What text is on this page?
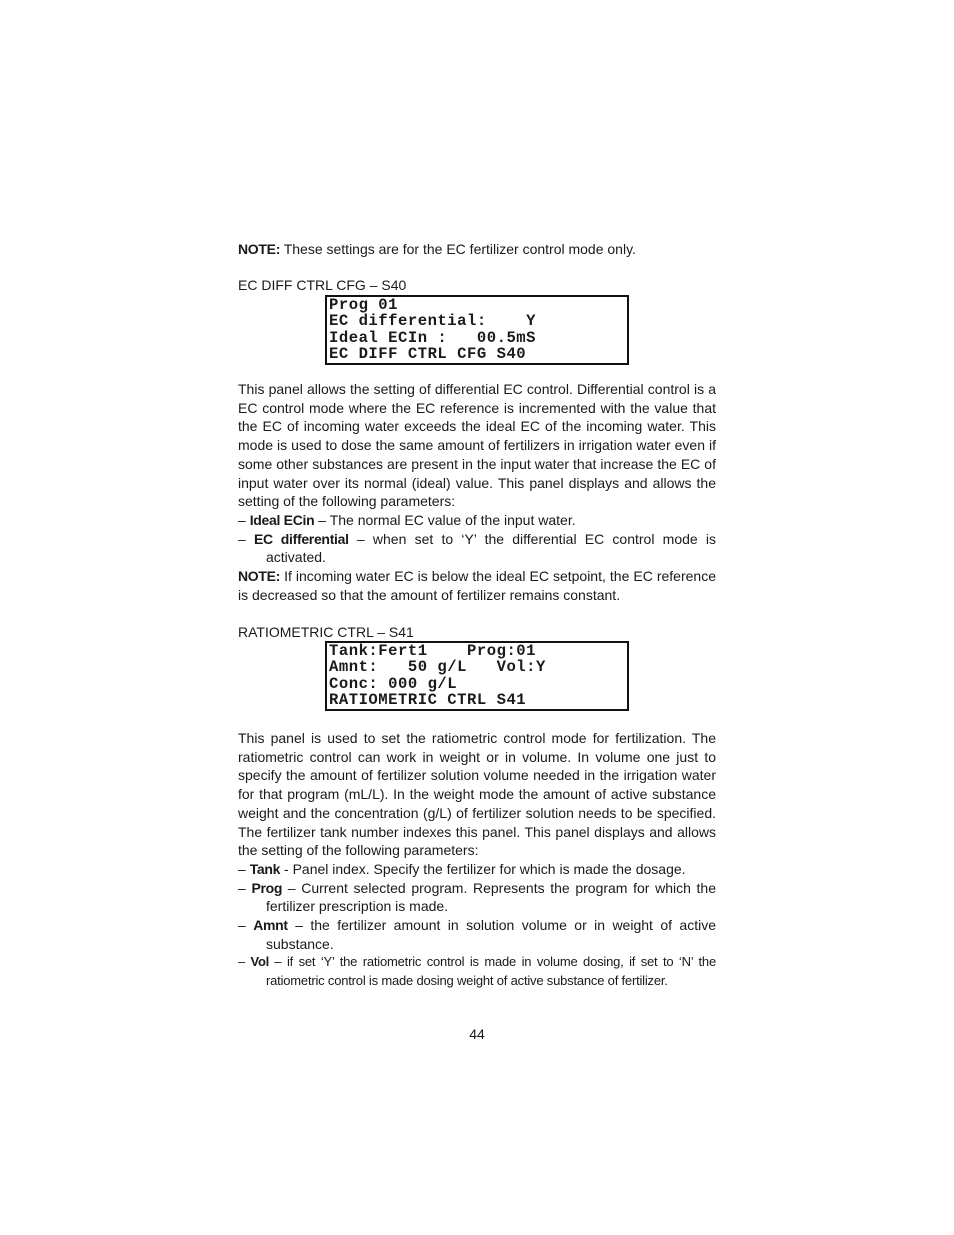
NOTE: These settings are for the EC fertilizer control mode only.
EC DIFF CTRL CFG – S40
Prog 01
EC differential:    Y
Ideal ECIn :   00.5mS
EC DIFF CTRL CFG S40

This panel allows the setting of differential EC control. Differential control is a EC control mode where the EC reference is incremented with the value that the EC of incoming water exceeds the ideal EC of the incoming water. This mode is used to dose the same amount of fertilizers in irrigation water even if some other substances are present in the input water that increase the EC of input water over its normal (ideal) value. This panel displays and allows the setting of the following parameters:

– Ideal ECin – The normal EC value of the input water.

– EC differential – when set to ‘Y’ the differential EC control mode is activated.

NOTE: If incoming water EC is below the ideal EC setpoint, the EC reference is decreased so that the amount of fertilizer remains constant.

RATIOMETRIC CTRL – S41
Tank:Fert1    Prog:01
Amnt:   50 g/L   Vol:Y
Conc: 000 g/L
RATIOMETRIC CTRL S41

This panel is used to set the ratiometric control mode for fertilization. The ratiometric control can work in weight or in volume. In volume one just to specify the amount of fertilizer solution volume needed in the irrigation water for that program (mL/L). In the weight mode the amount of active substance weight and the concentration (g/L) of fertilizer solution needs to be specified. The fertilizer tank number indexes this panel. This panel displays and allows the setting of the following parameters:

– Tank - Panel index. Specify the fertilizer for which is made the dosage.

– Prog – Current selected program. Represents the program for which the fertilizer prescription is made.

– Amnt – the fertilizer amount in solution volume or in weight of active substance.

– Vol – if set ‘Y’ the ratiometric control is made in volume dosing, if set to ‘N’ the ratiometric control is made dosing weight of active substance of fertilizer.

44
